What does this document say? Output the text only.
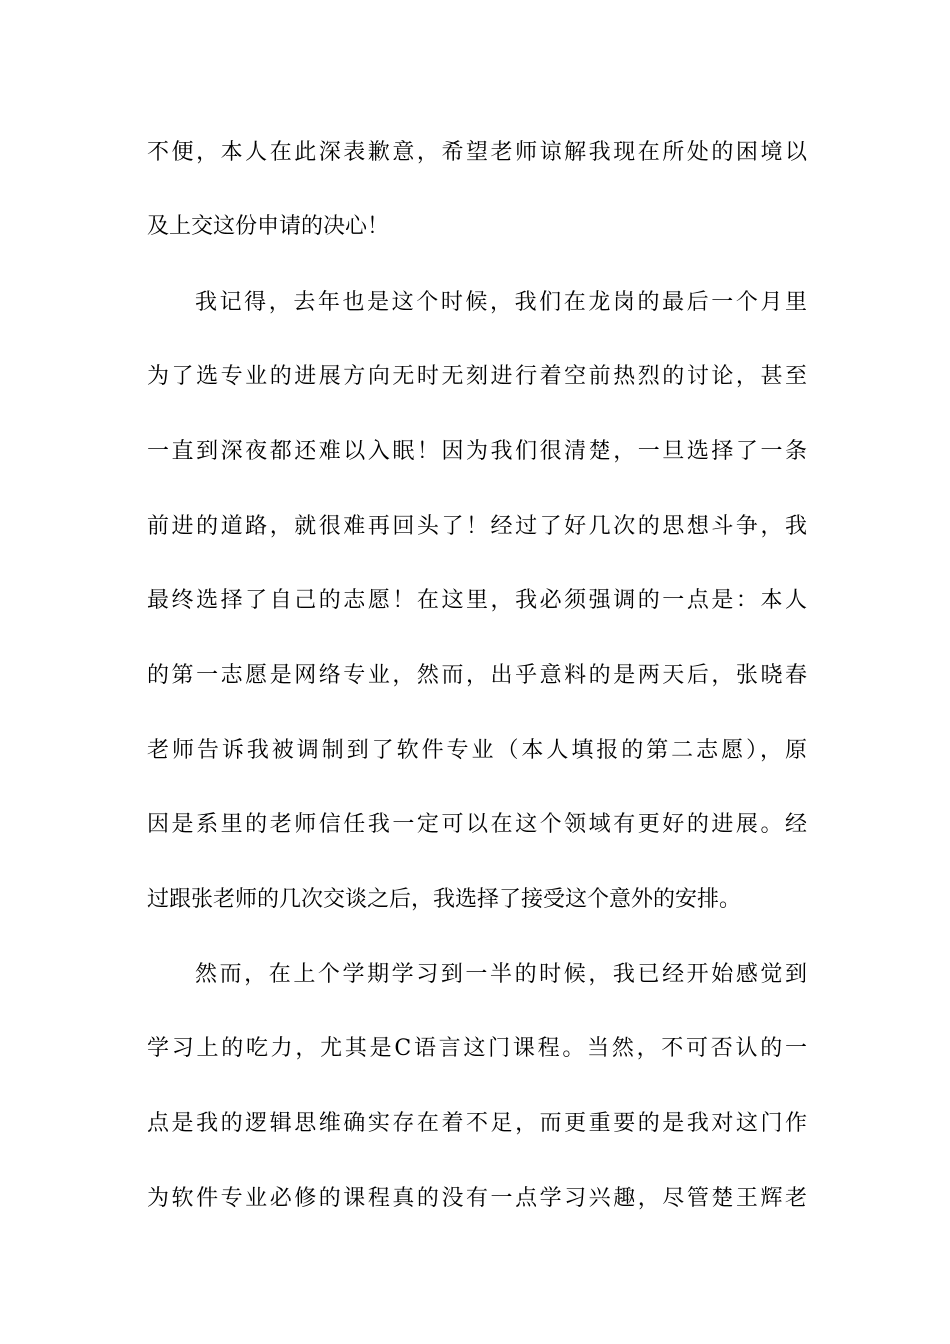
不便，本人在此深表歉意，希望老师谅解我现在所处的困境以
及上交这份申请的决心！
我记得，去年也是这个时候，我们在龙岗的最后一个月里
为了选专业的进展方向无时无刻进行着空前热烈的讨论，甚至
一直到深夜都还难以入眠！因为我们很清楚，一旦选择了一条
前进的道路，就很难再回头了！经过了好几次的思想斗争，我
最终选择了自己的志愿！在这里，我必须强调的一点是：本人
的第一志愿是网络专业，然而，出乎意料的是两天后，张晓春
老师告诉我被调制到了软件专业（本人填报的第二志愿），原
因是系里的老师信任我一定可以在这个领域有更好的进展。经
过跟张老师的几次交谈之后，我选择了接受这个意外的安排。
然而，在上个学期学习到一半的时候，我已经开始感觉到
学习上的吃力，尤其是C语言这门课程。当然，不可否认的一
点是我的逻辑思维确实存在着不足，而更重要的是我对这门作
为软件专业必修的课程真的没有一点学习兴趣，尽管楚王辉老
